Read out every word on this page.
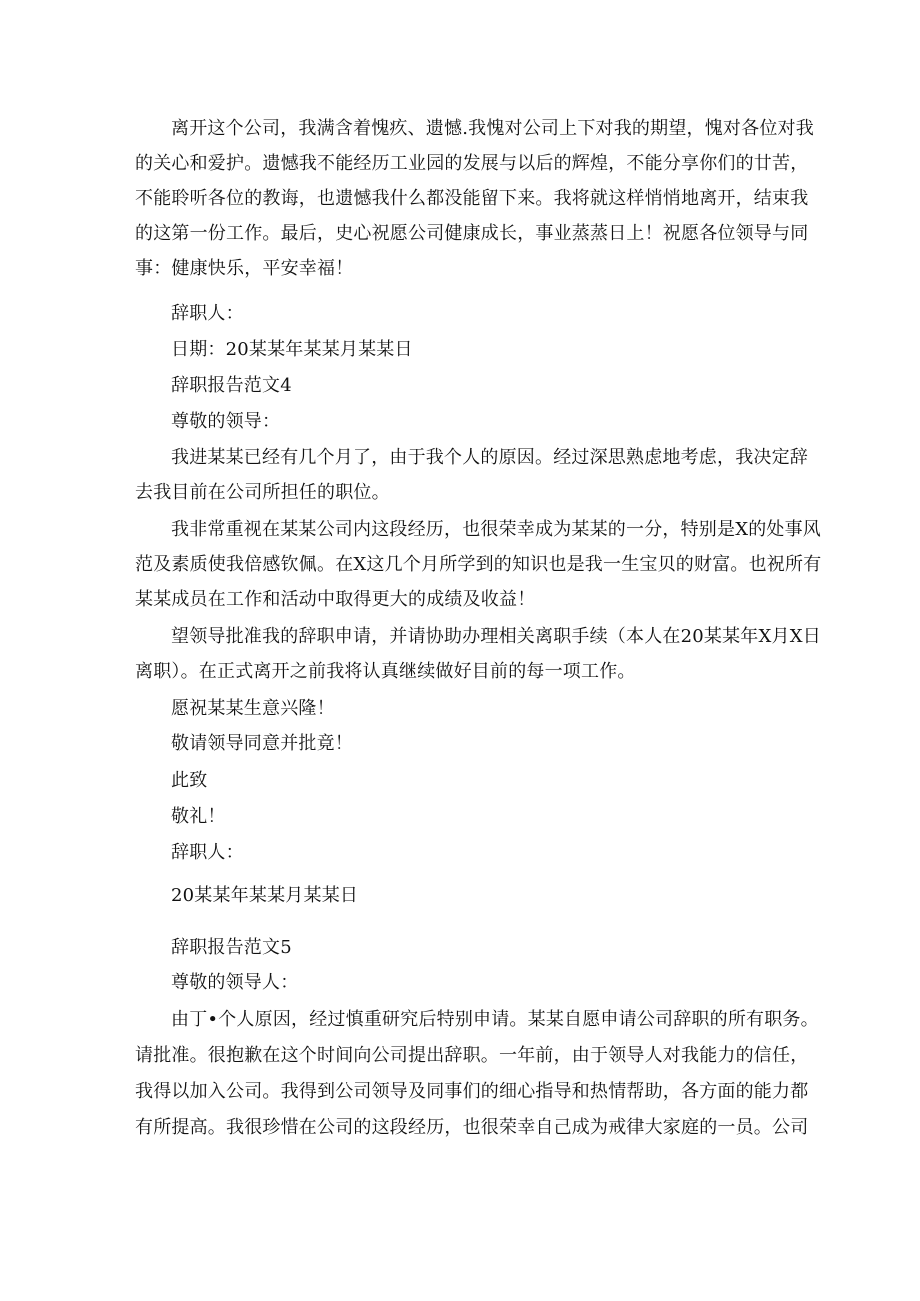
离开这个公司，我满含着愧疚、遗憾.我愧对公司上下对我的期望，愧对各位对我
的关心和爱护。遗憾我不能经历工业园的发展与以后的辉煌，不能分享你们的廿苦，
不能聆听各位的教诲，也遗憾我什么都没能留下来。我将就这样悄悄地离开，结束我
的这第一份工作。最后，史心祝愿公司健康成长，事业蒸蒸日上！祝愿各位领导与同
事：健康快乐，平安幸福！
辞职人：
日期：20某某年某某月某某日
辞职报告范文4
尊敬的领导：
我进某某已经有几个月了，由于我个人的原因。经过深思熟虑地考虑，我决定辞
去我目前在公司所担任的职位。
我非常重视在某某公司内这段经历，也很荣幸成为某某的一分，特别是X的处事风
范及素质使我倍感钦佩。在X这几个月所学到的知识也是我一生宝贝的财富。也祝所有
某某成员在工作和活动中取得更大的成绩及收益！
望领导批准我的辞职申请，并请协助办理相关离职手续（本人在20某某年X月X日
离职）。在正式离开之前我将认真继续做好目前的每一项工作。
愿祝某某生意兴隆！
敬请领导同意并批竟！
此致
敬礼！
辞职人：
20某某年某某月某某日
辞职报告范文5
尊敬的领导人：
由丁•个人原因，经过慎重研究后特别申请。某某自愿申请公司辞职的所有职务。
请批准。很抱歉在这个时间向公司提出辞职。一年前，由于领导人对我能力的信任，
我得以加入公司。我得到公司领导及同事们的细心指导和热情帮助，各方面的能力都
有所提高。我很珍惜在公司的这段经历，也很荣幸自己成为戒律大家庭的一员。公司
